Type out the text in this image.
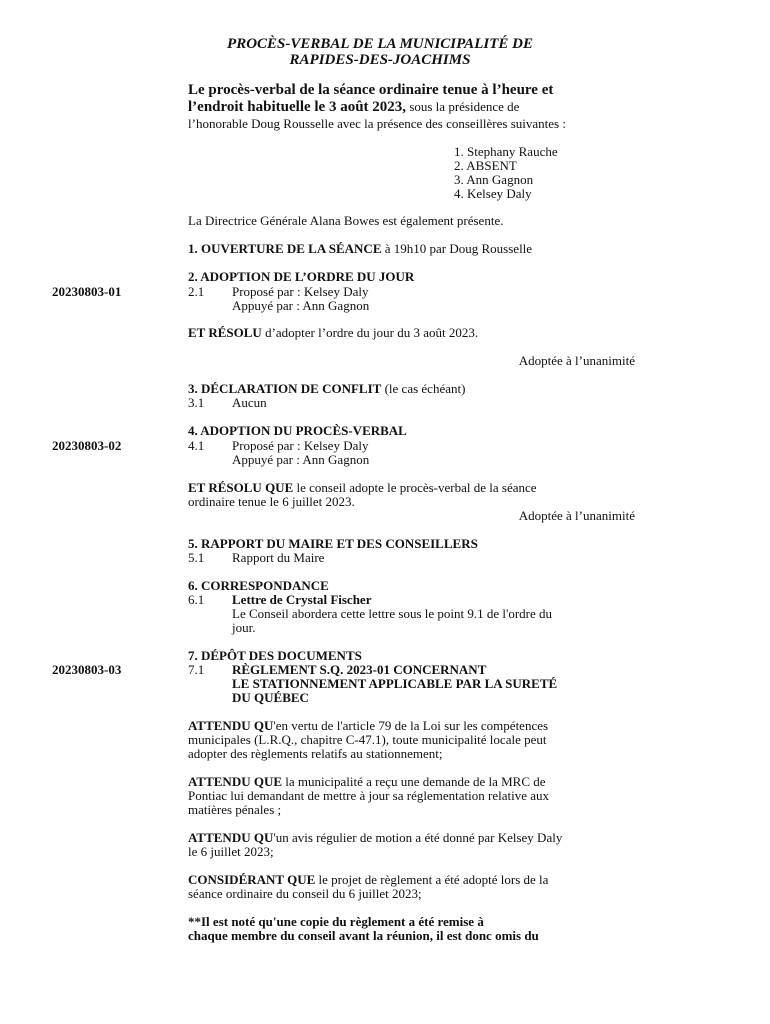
PROCÈS-VERBAL DE LA MUNICIPALITÉ DE
RAPIDES-DES-JOACHIMS
Le procès-verbal de la séance ordinaire tenue à l’heure et
l’endroit habituelle le 3 août 2023, sous la présidence de
l’honorable Doug Rousselle avec la présence des conseillères suivantes :
1. Stephany Rauche
2. ABSENT
3. Ann Gagnon
4. Kelsey Daly
La Directrice Générale Alana Bowes est également présente.
1. OUVERTURE DE LA SÉANCE à 19h10 par Doug Rousselle
2. ADOPTION DE L’ORDRE DU JOUR
20230803-01	2.1 Proposé par : Kelsey Daly
Appuyé par : Ann Gagnon
ET RÉSOLU d’adopter l’ordre du jour du 3 août 2023.
Adoptée à l’unanimité
3. DÉCLARATION DE CONFLIT (le cas échéant)
3.1 Aucun
4. ADOPTION DU PROCÈS-VERBAL
20230803-02	4.1 Proposé par : Kelsey Daly
Appuyé par : Ann Gagnon
ET RÉSOLU QUE le conseil adopte le procès-verbal de la séance
ordinaire tenue le 6 juillet 2023.
Adoptée à l’unanimité
5. RAPPORT DU MAIRE ET DES CONSEILLERS
5.1 Rapport du Maire
6. CORRESPONDANCE
6.1 Lettre de Crystal Fischer
Le Conseil abordera cette lettre sous le point 9.1 de l'ordre du
jour.
7. DÉPÔT DES DOCUMENTS
20230803-03	7.1 RÈGLEMENT S.Q. 2023-01 CONCERNANT
LE STATIONNEMENT APPLICABLE PAR LA SURETÉ
DU QUÉBEC
ATTENDU QU'en vertu de l'article 79 de la Loi sur les compétences
municipales (L.R.Q., chapitre C-47.1), toute municipalité locale peut
adopter des règlements relatifs au stationnement;
ATTENDU QUE la municipalité a reçu une demande de la MRC de
Pontiac lui demandant de mettre à jour sa réglementation relative aux
matières pénales ;
ATTENDU QU'un avis régulier de motion a été donné par Kelsey Daly
le 6 juillet 2023;
CONSIDÉRANT QUE le projet de règlement a été adopté lors de la
séance ordinaire du conseil du 6 juillet 2023;
**Il est noté qu'une copie du règlement a été remise à
chaque membre du conseil avant la réunion, il est donc omis du
